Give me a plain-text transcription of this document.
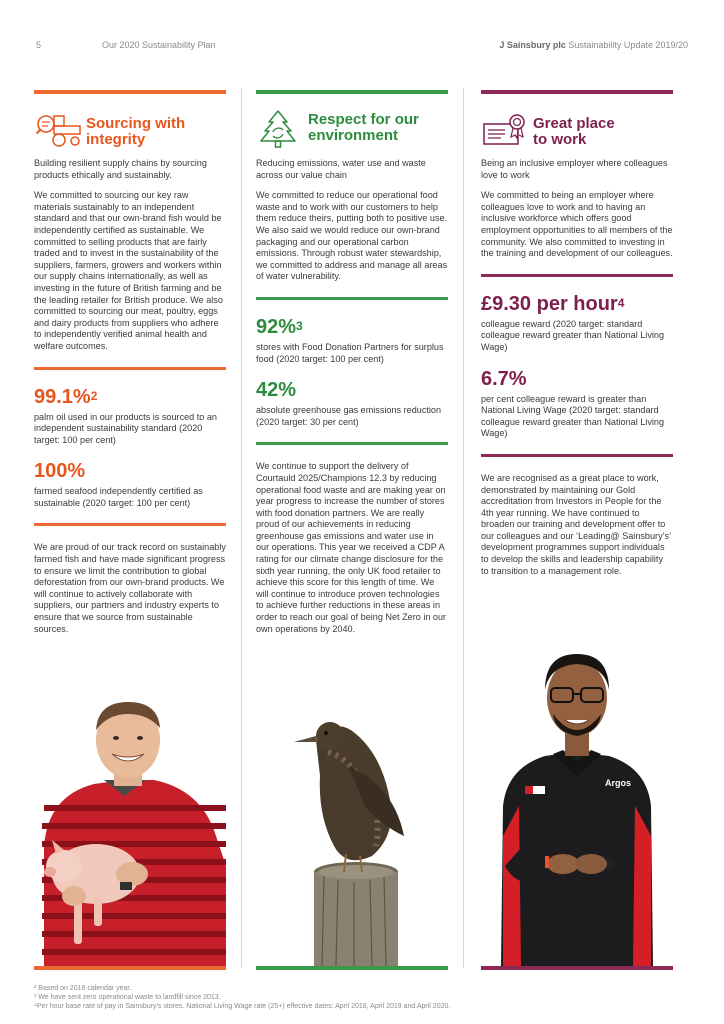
5	Our 2020 Sustainability Plan	J Sainsbury plc Sustainability Update 2019/20
Sourcing with
integrity

Building resilient supply chains by sourcing products ethically and sustainably.

We committed to sourcing our key raw materials sustainably to an independent standard and that our own-brand fish would be independently certified as sustainable. We committed to selling products that are fairly traded and to invest in the sustainability of the suppliers, farmers, growers and workers within our supply chains internationally, as well as investing in the future of British farming and be the leading retailer for British produce. We also committed to sourcing our meat, poultry, eggs and dairy products from suppliers who adhere to independently verified animal health and welfare outcomes.

99.1%$^2$
palm oil used in our products is sourced to an independent sustainability standard (2020 target: 100 per cent)
100%
farmed seafood independently certified as sustainable (2020 target: 100 per cent)

We are proud of our track record on sustainably farmed fish and have made significant progress to ensure we limit the contribution to global deforestation from our own-brand products. We will continue to actively collaborate with suppliers, our partners and industry experts to ensure that we source from sustainable sources.

Respect for our
environment

Reducing emissions, water use and waste across our value chain

We committed to reduce our operational food waste and to work with our customers to help them reduce theirs, putting both to positive use. We also said we would reduce our own-brand packaging and our operational carbon emissions. Through robust water stewardship, we committed to address and manage all areas of water vulnerability.

92%$^3$
stores with Food Donation Partners for surplus food (2020 target: 100 per cent)
42%
absolute greenhouse gas emissions reduction (2020 target: 30 per cent)

We continue to support the delivery of Courtauld 2025/Champions 12.3 by reducing operational food waste and are making year on year progress to increase the number of stores with food donation partners. We are really proud of our achievements in reducing greenhouse gas emissions and water use in our operations. This year we received a CDP A rating for our climate change disclosure for the sixth year running, the only UK food retailer to achieve this score for this length of time. We will continue to introduce proven technologies to achieve further reductions in these areas in order to reach our goal of being Net Zero in our own operations by 2040.

Great place
to work

Being an inclusive employer where colleagues love to work

We committed to being an employer where colleagues love to work and to having an inclusive workforce which offers good employment opportunities to all members of the community. We also committed to investing in the training and development of our colleagues.

£9.30 per hour$^4$
colleague reward (2020 target: standard colleague reward greater than National Living Wage)
6.7%
per cent colleague reward is greater than National Living Wage (2020 target: standard colleague reward greater than National Living Wage)

We are recognised as a great place to work, demonstrated by maintaining our Gold accreditation from Investors in People for the 4th year running. We have continued to broaden our training and development offer to our colleagues and our ‘Leading@ Sainsbury’s’ development programmes support individuals to develop the skills and leadership capability to transition to a management role.

Argos

² Based on 2018 calendar year.

³ We have sent zero operational waste to landfill since 2013.

⁴Per hour base rate of pay in Sainsbury’s stores. National Living Wage rate (25+) effective dates: April 2018, April 2019 and April 2020.
